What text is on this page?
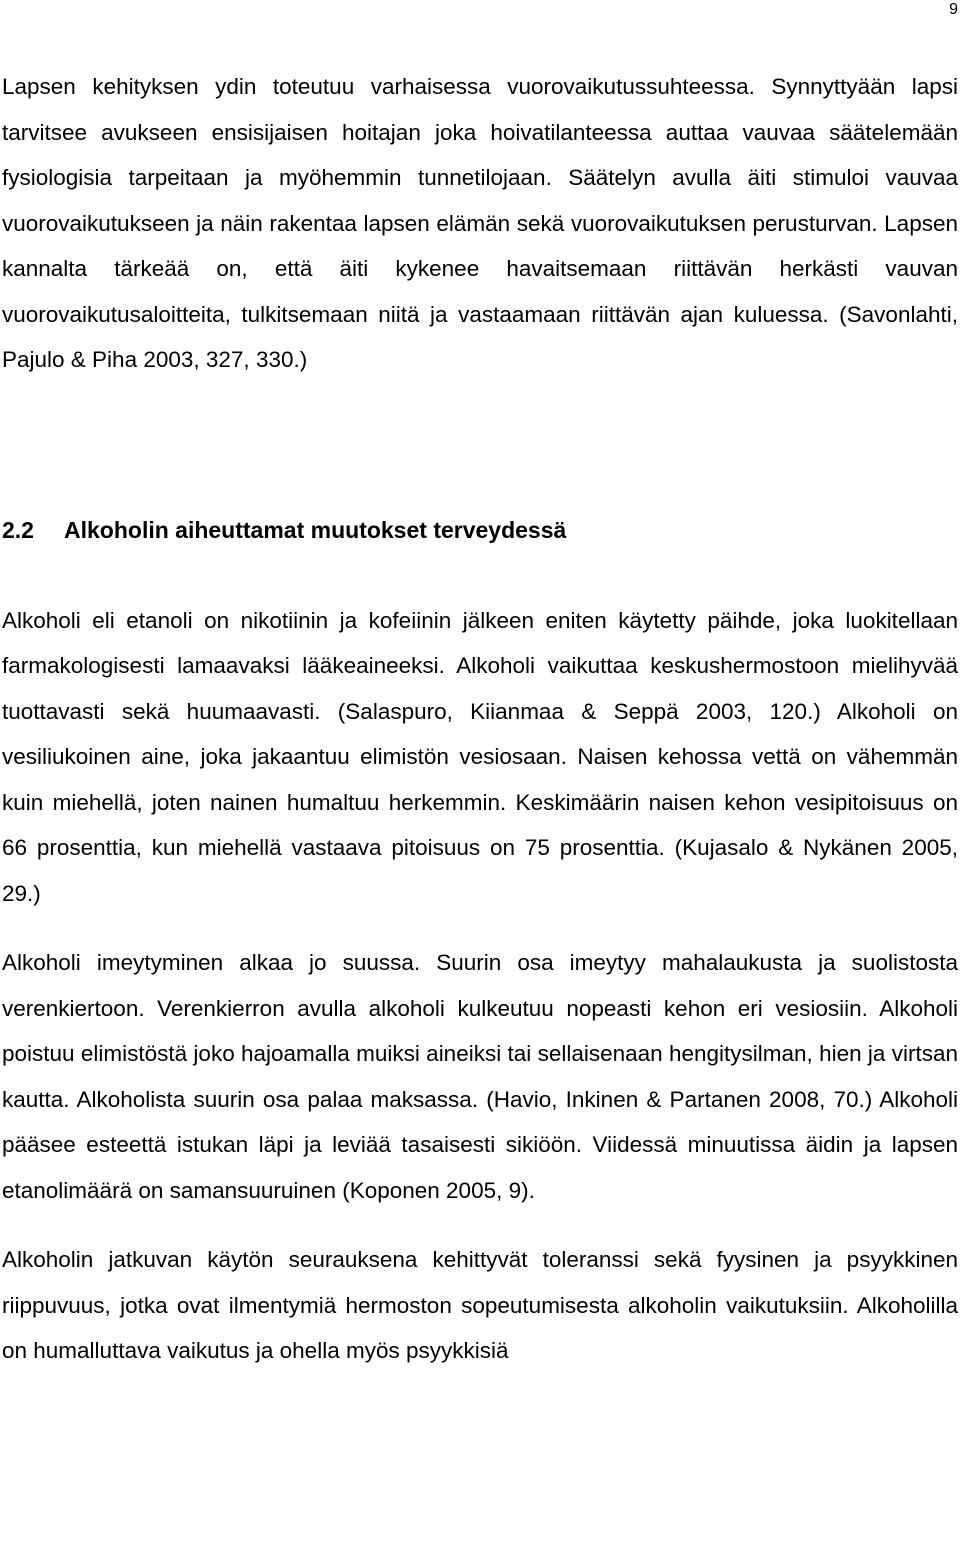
9

Lapsen kehityksen ydin toteutuu varhaisessa vuorovaikutussuhteessa. Synnyttyään lapsi tarvitsee avukseen ensisijaisen hoitajan joka hoivatilanteessa auttaa vauvaa säätelemään fysiologisia tarpeitaan ja myöhemmin tunnetilojaan. Säätelyn avulla äiti stimuloi vauvaa vuorovaikutukseen ja näin rakentaa lapsen elämän sekä vuorovaikutuksen perusturvan. Lapsen kannalta tärkeää on, että äiti kykenee havaitsemaan riittävän herkästi vauvan vuorovaikutusaloitteita, tulkitsemaan niitä ja vastaamaan riittävän ajan kuluessa. (Savonlahti, Pajulo & Piha 2003, 327, 330.)

2.2	Alkoholin aiheuttamat muutokset terveydessä

Alkoholi eli etanoli on nikotiinin ja kofeiinin jälkeen eniten käytetty päihde, joka luokitellaan farmakologisesti lamaavaksi lääkeaineeksi. Alkoholi vaikuttaa keskushermostoon mielihyvää tuottavasti sekä huumaavasti. (Salaspuro, Kiianmaa & Seppä 2003, 120.) Alkoholi on vesiliukoinen aine, joka jakaantuu elimistön vesiosaan. Naisen kehossa vettä on vähemmän kuin miehellä, joten nainen humaltuu herkemmin. Keskimäärin naisen kehon vesipitoisuus on 66 prosenttia, kun miehellä vastaava pitoisuus on 75 prosenttia. (Kujasalo & Nykänen 2005, 29.)

Alkoholi imeytyminen alkaa jo suussa. Suurin osa imeytyy mahalaukusta ja suolistosta verenkiertoon. Verenkierron avulla alkoholi kulkeutuu nopeasti kehon eri vesiosiin. Alkoholi poistuu elimistöstä joko hajoamalla muiksi aineiksi tai sellaisenaan hengitysilman, hien ja virtsan kautta. Alkoholista suurin osa palaa maksassa. (Havio, Inkinen & Partanen 2008, 70.) Alkoholi pääsee esteettä istukan läpi ja leviää tasaisesti sikiöön. Viidessä minuutissa äidin ja lapsen etanolimäärä on samansuuruinen (Koponen 2005, 9).

Alkoholin jatkuvan käytön seurauksena kehittyvät toleranssi sekä fyysinen ja psyykkinen riippuvuus, jotka ovat ilmentymiä hermoston sopeutumisesta alkoholin vaikutuksiin. Alkoholilla on humalluttava vaikutus ja ohella myös psyykkisiä
